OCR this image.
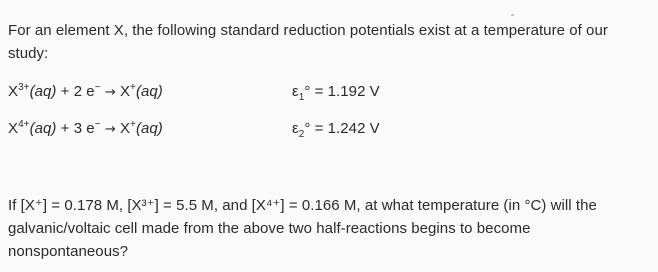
For an element X, the following standard reduction potentials exist at a temperature of our
study:
$X^{3+}(aq) + 2$ e− → X+(aq)	$\varepsilon_1^\circ = 1.192$ V
$X^{4+}(aq) + 3$ e− → X+(aq)	$\varepsilon_2^\circ = 1.242$ V
If [X⁺] = 0.178 M, [X³⁺] = 5.5 M, and [X⁴⁺] = 0.166 M, at what temperature (in °C) will the
galvanic/voltaic cell made from the above two half-reactions begins to become
nonspontaneous?
